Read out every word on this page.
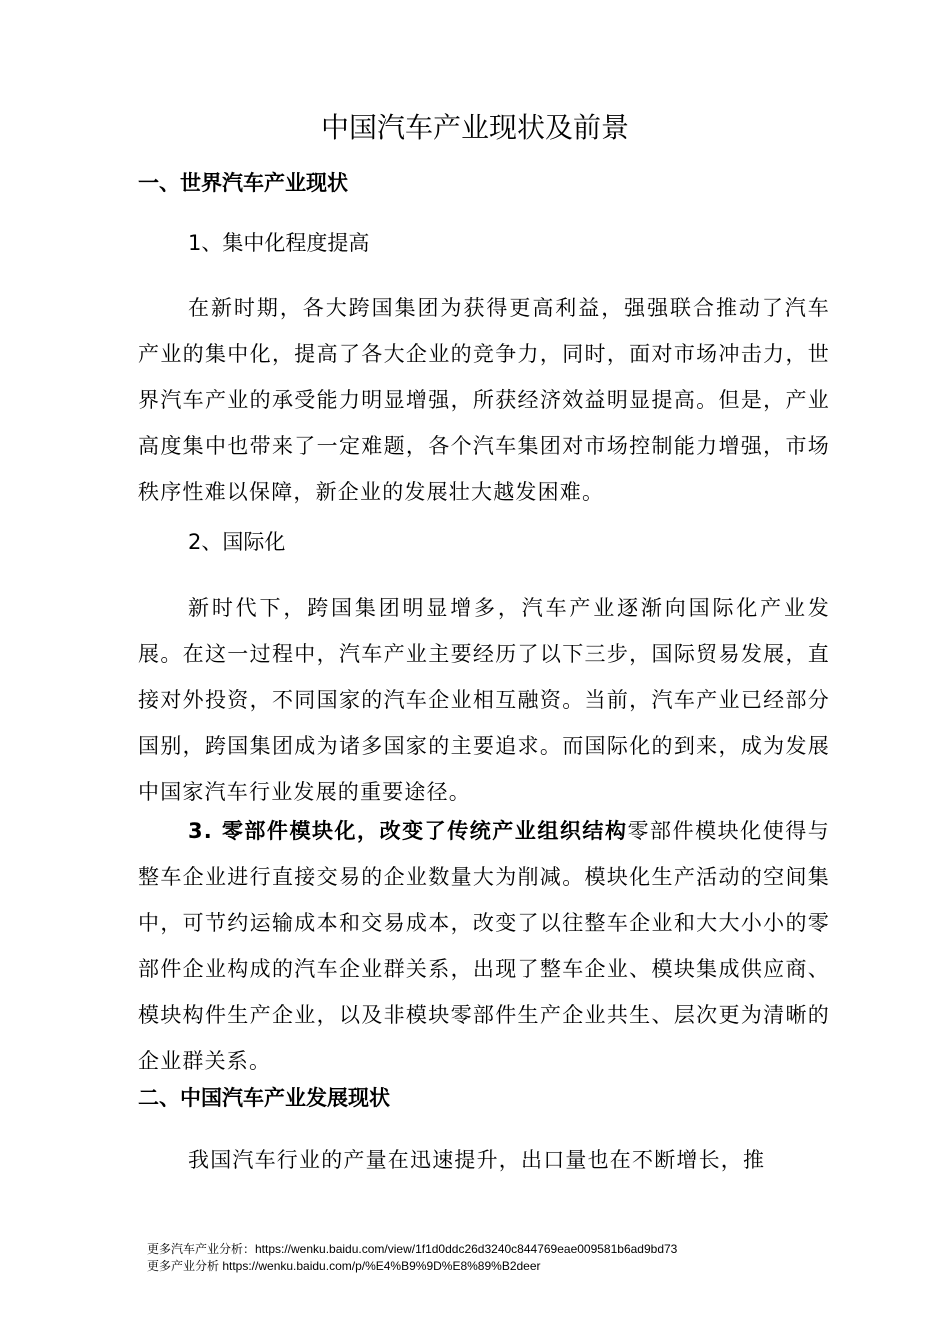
中国汽车产业现状及前景
一、世界汽车产业现状
1、集中化程度提高
在新时期，各大跨国集团为获得更高利益，强强联合推动了汽车产业的集中化，提高了各大企业的竞争力，同时，面对市场冲击力，世界汽车产业的承受能力明显增强，所获经济效益明显提高。但是，产业高度集中也带来了一定难题，各个汽车集团对市场控制能力增强，市场秩序性难以保障，新企业的发展壮大越发困难。
2、国际化
新时代下，跨国集团明显增多，汽车产业逐渐向国际化产业发展。在这一过程中，汽车产业主要经历了以下三步，国际贸易发展，直接对外投资，不同国家的汽车企业相互融资。当前，汽车产业已经部分国别，跨国集团成为诸多国家的主要追求。而国际化的到来，成为发展中国家汽车行业发展的重要途径。
3. 零部件模块化，改变了传统产业组织结构零部件模块化使得与整车企业进行直接交易的企业数量大为削减。模块化生产活动的空间集中，可节约运输成本和交易成本，改变了以往整车企业和大大小小的零部件企业构成的汽车企业群关系，出现了整车企业、模块集成供应商、模块构件生产企业，以及非模块零部件生产企业共生、层次更为清晰的企业群关系。
二、中国汽车产业发展现状
我国汽车行业的产量在迅速提升，出口量也在不断增长，推
更多汽车产业分析：https://wenku.baidu.com/view/1f1d0ddc26d3240c844769eae009581b6ad9bd73
更多产业分析 https://wenku.baidu.com/p/%E4%B9%9D%E8%89%B2deer
